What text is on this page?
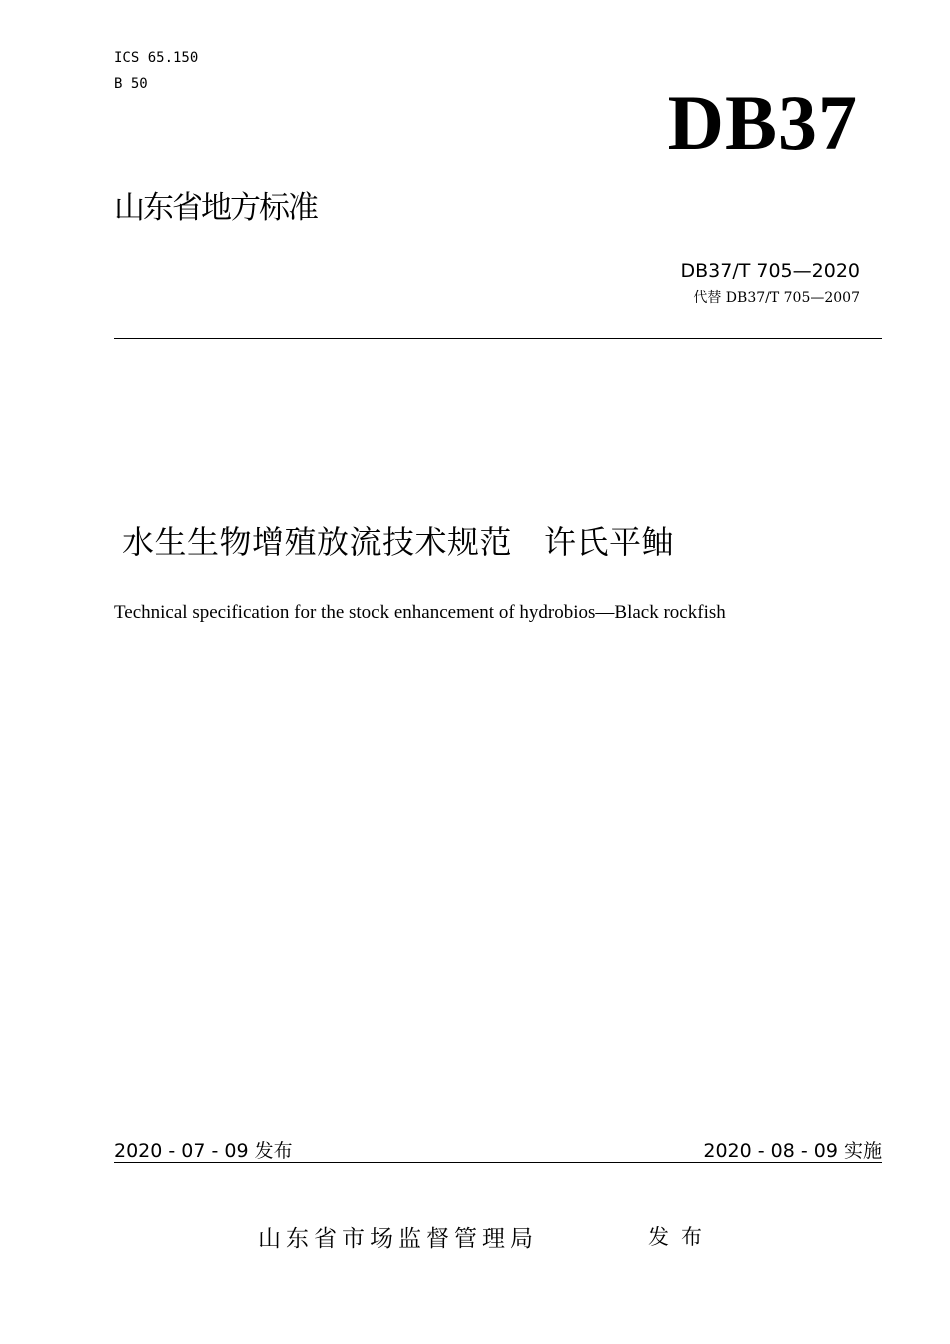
ICS 65.150
B 50	DB37
山东省地方标准
DB37/T 705—2020
代替 DB37/T 705—2007
水生生物增殖放流技术规范   许氏平鲉
Technical specification for the stock enhancement of hydrobios—Black rockfish
2020 - 07 - 09 发布	2020 - 08 - 09 实施
山东省市场监督管理局	发布
